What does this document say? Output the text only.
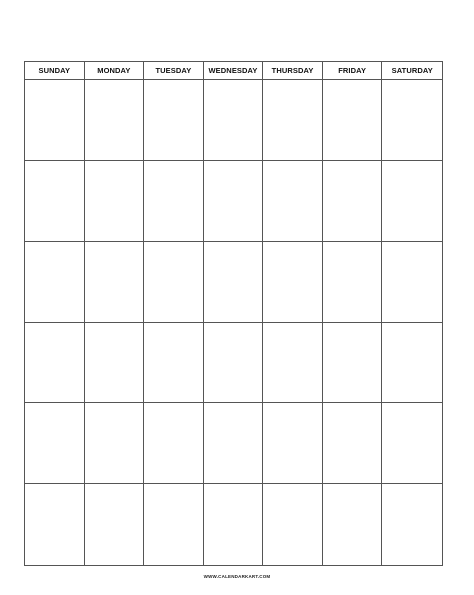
SUNDAY	MONDAY	TUESDAY	WEDNESDAY	THURSDAY	FRIDAY	SATURDAY
WWW.CALENDARKART.COM
